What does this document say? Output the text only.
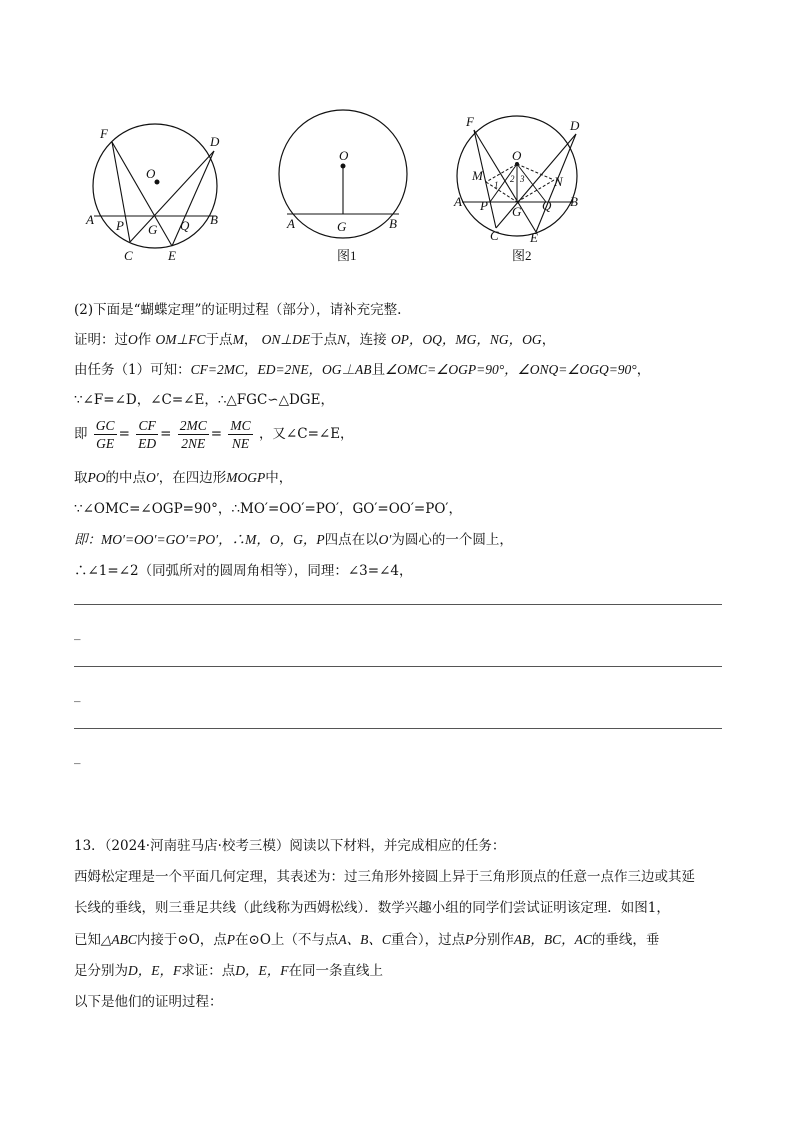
F
D
O
A P G Q B
C	E
O
A	G	B
图1
F	D
O
M	N
A P G Q B
C E
1
2 3
图2
(2)下面是“蝴蝶定理”的证明过程（部分），请补充完整.
证明：过O作 OM⊥FC于点M， ON⊥DE于点N，连接 OP，OQ，MG，NG，OG，
由任务（1）可知：CF=2MC，ED=2NE，OG⊥AB且∠OMC=∠OGP=90°，∠ONQ=∠OGQ=90°，
∵∠F=∠D，∠C=∠E，∴△FGC∽△DGE，
即 $\frac{GC}{GE} = \frac{CF}{ED} = \frac{2MC}{2NE} = \frac{MC}{NE}$ ，又∠C=∠E，
取PO的中点O′，在四边形MOGP中，
∵∠OMC=∠OGP=90°，∴MO′=OO′=PO′，GO′=OO′=PO′，
即：MO′=OO′=GO′=PO′，∴M，O，G，P四点在以O′为圆心的一个圆上，
∴∠1=∠2（同弧所对的圆周角相等），同理：∠3=∠4，
_
_
_
13．（2024·河南驻马店·校考三模）阅读以下材料，并完成相应的任务：
西姆松定理是一个平面几何定理，其表述为：过三角形外接圆上异于三角形顶点的任意一点作三边或其延
长线的垂线，则三垂足共线（此线称为西姆松线）．数学兴趣小组的同学们尝试证明该定理．如图1，
已知△ABC内接于⊙O，点P在⊙O上（不与点A、B、C重合），过点P分别作AB，BC，AC的垂线，垂
足分别为D，E，F求证：点D，E，F在同一条直线上
以下是他们的证明过程：
